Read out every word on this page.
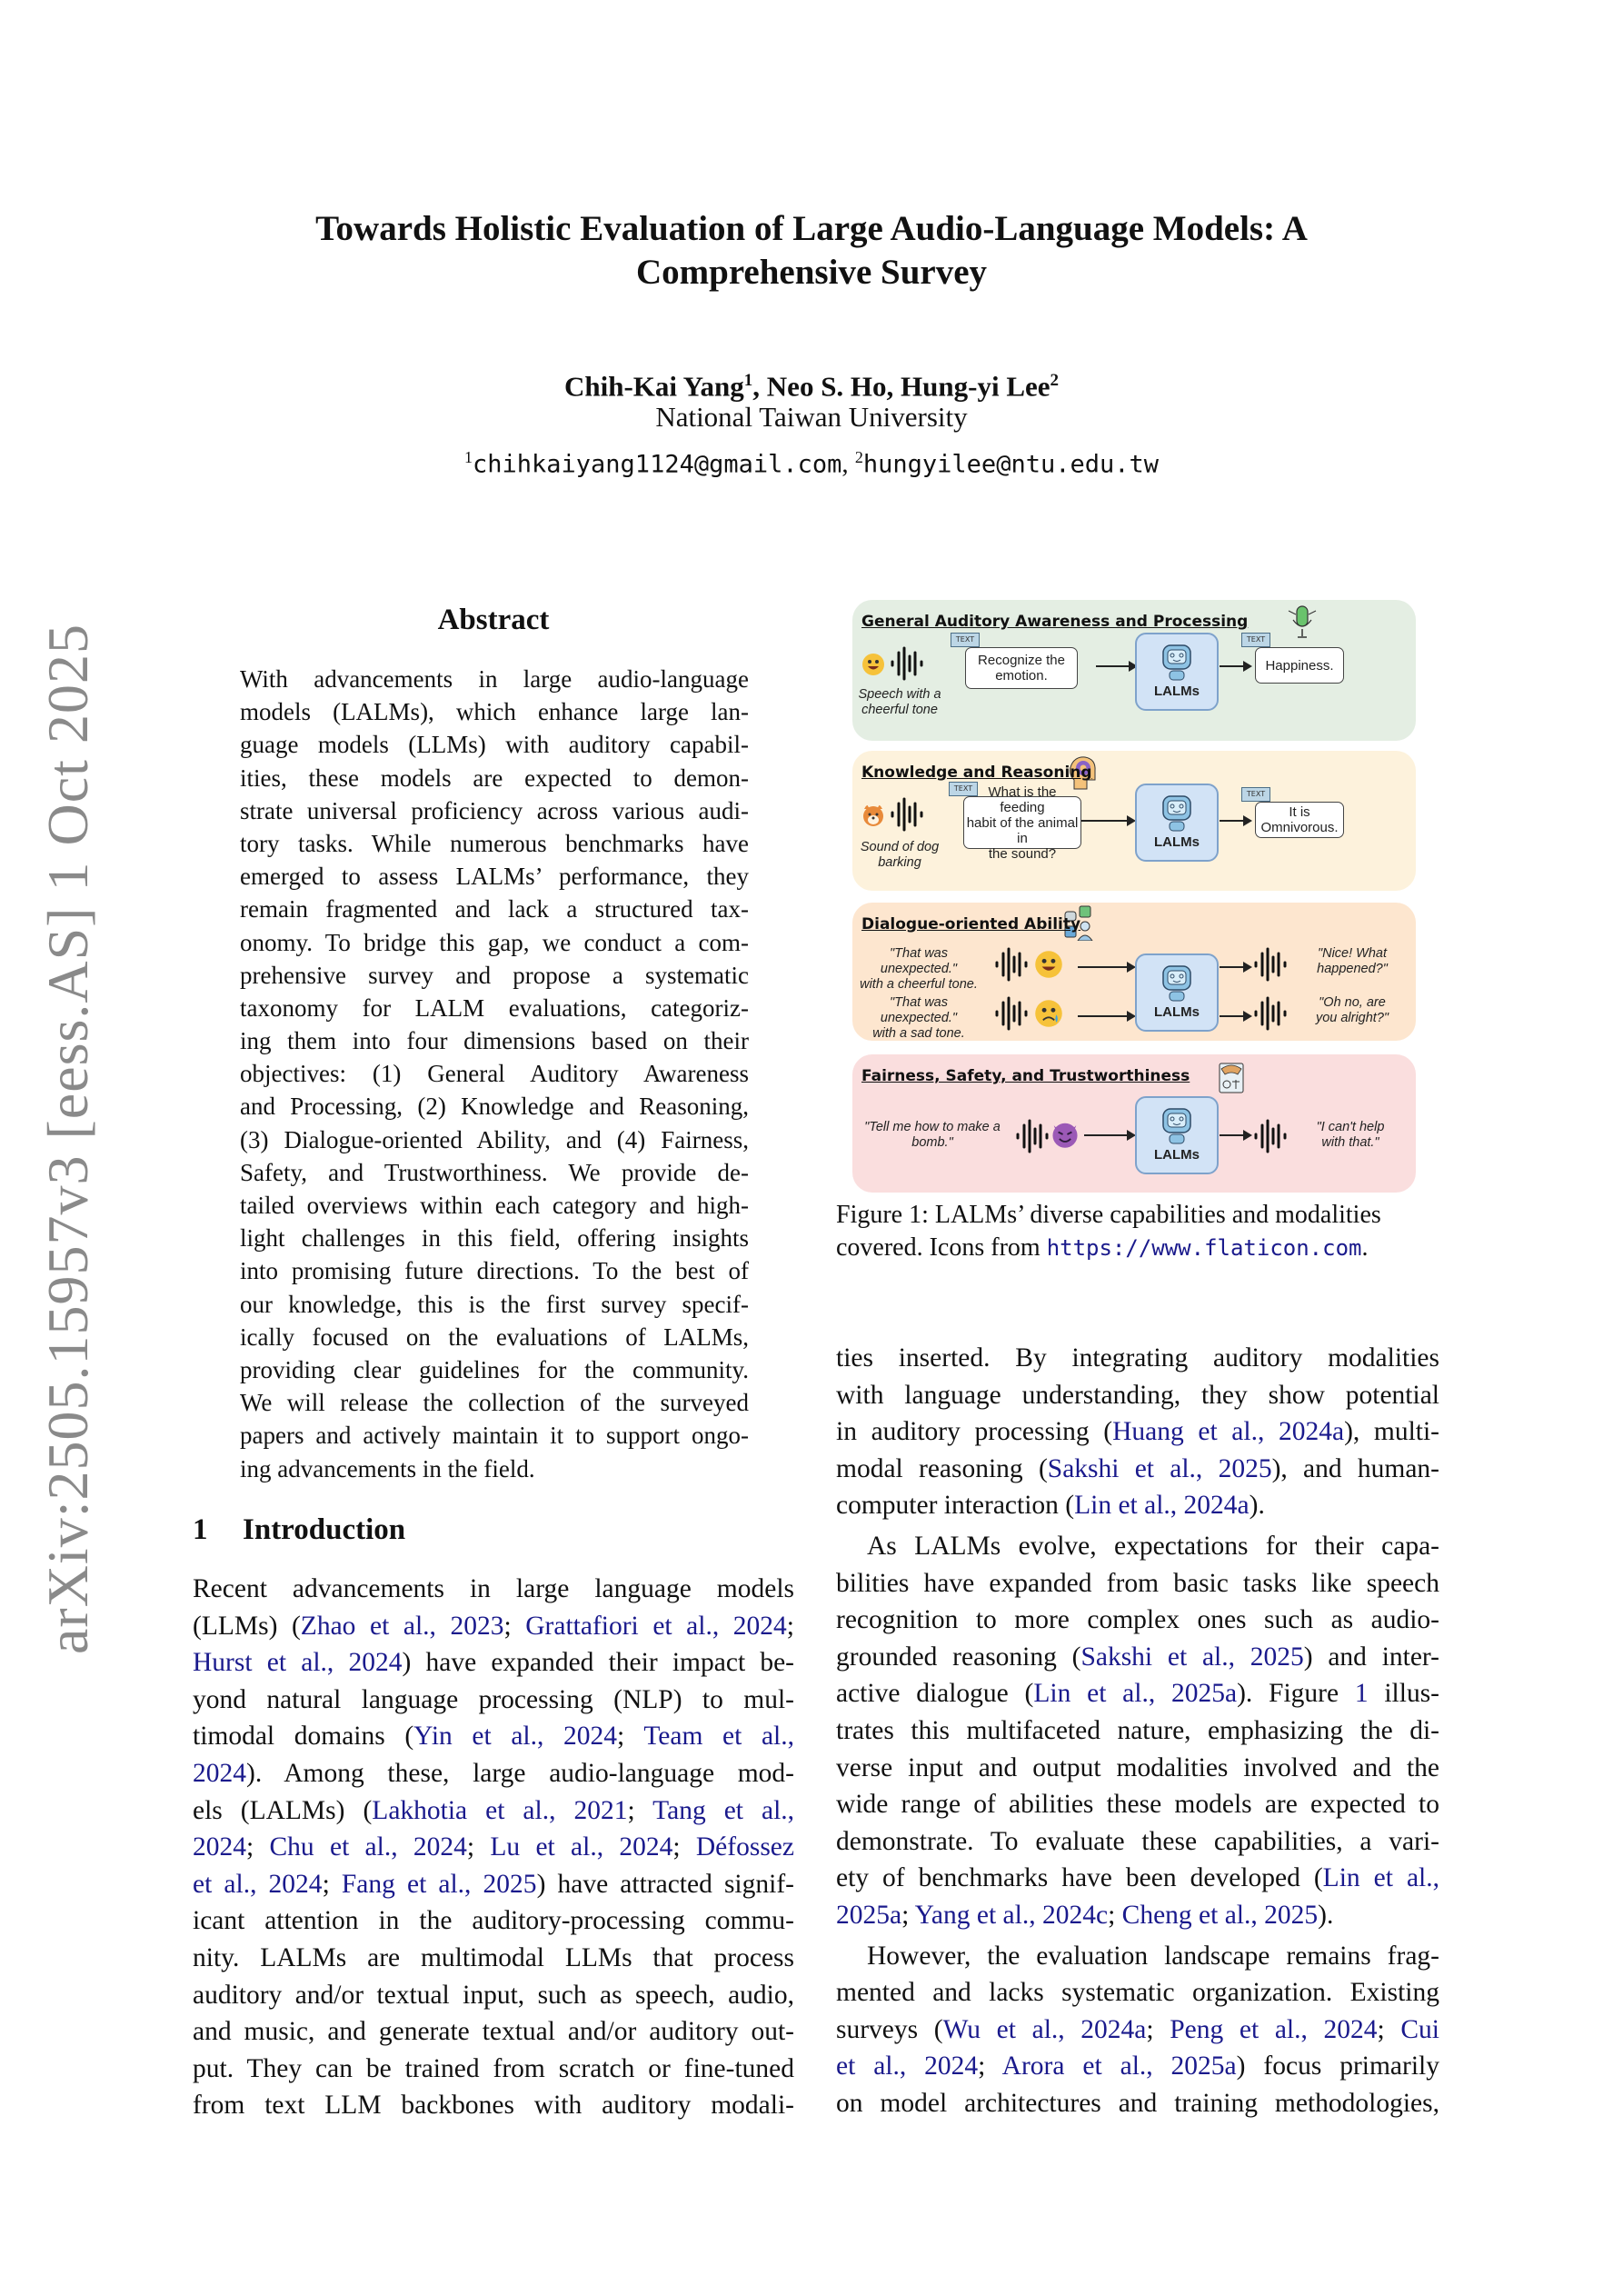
arXiv:2505.15957v3 [eess.AS] 1 Oct 2025
Towards Holistic Evaluation of Large Audio-Language Models: A
Comprehensive Survey
Chih-Kai Yang$^1$, Neo S. Ho, Hung-yi Lee$^2$
National Taiwan University
$^1$chihkaiyang1124@gmail.com, $^2$hungyilee@ntu.edu.tw
Abstract
With advancements in large audio-language
models (LALMs), which enhance large lan-
guage models (LLMs) with auditory capabil-
ities, these models are expected to demon-
strate universal proficiency across various audi-
tory tasks. While numerous benchmarks have
emerged to assess LALMs’ performance, they
remain fragmented and lack a structured tax-
onomy. To bridge this gap, we conduct a com-
prehensive survey and propose a systematic
taxonomy for LALM evaluations, categoriz-
ing them into four dimensions based on their
objectives: (1) General Auditory Awareness
and Processing, (2) Knowledge and Reasoning,
(3) Dialogue-oriented Ability, and (4) Fairness,
Safety, and Trustworthiness. We provide de-
tailed overviews within each category and high-
light challenges in this field, offering insights
into promising future directions. To the best of
our knowledge, this is the first survey specif-
ically focused on the evaluations of LALMs,
providing clear guidelines for the community.
We will release the collection of the surveyed
papers and actively maintain it to support ongo-
ing advancements in the field.
1 Introduction
Recent advancements in large language models
(LLMs) (Zhao et al., 2023; Grattafiori et al., 2024;
Hurst et al., 2024) have expanded their impact be-
yond natural language processing (NLP) to mul-
timodal domains (Yin et al., 2024; Team et al.,
2024). Among these, large audio-language mod-
els (LALMs) (Lakhotia et al., 2021; Tang et al.,
2024; Chu et al., 2024; Lu et al., 2024; Défossez
et al., 2024; Fang et al., 2025) have attracted signif-
icant attention in the auditory-processing commu-
nity. LALMs are multimodal LLMs that process
auditory and/or textual input, such as speech, audio,
and music, and generate textual and/or auditory out-
put. They can be trained from scratch or fine-tuned
from text LLM backbones with auditory modali-
ties inserted. By integrating auditory modalities
with language understanding, they show potential
in auditory processing (Huang et al., 2024a), multi-
modal reasoning (Sakshi et al., 2025), and human-
computer interaction (Lin et al., 2024a).
As LALMs evolve, expectations for their capa-
bilities have expanded from basic tasks like speech
recognition to more complex ones such as audio-
grounded reasoning (Sakshi et al., 2025) and inter-
active dialogue (Lin et al., 2025a). Figure 1 illus-
trates this multifaceted nature, emphasizing the di-
verse input and output modalities involved and the
wide range of abilities these models are expected to
demonstrate. To evaluate these capabilities, a vari-
ety of benchmarks have been developed (Lin et al.,
2025a; Yang et al., 2024c; Cheng et al., 2025).
However, the evaluation landscape remains frag-
mented and lacks systematic organization. Existing
surveys (Wu et al., 2024a; Peng et al., 2024; Cui
et al., 2024; Arora et al., 2025a) focus primarily
on model architectures and training methodologies,
General Auditory Awareness and Processing
Speech with a
cheerful tone
TEXT
Recognize the
emotion.
LALMs
TEXT
Happiness.
Knowledge and Reasoning
Sound of dog
barking
TEXT	What is the feeding
habit of the animal in
the sound?
LALMs
TEXT
It is
Omnivorous.
Dialogue-oriented Ability
"That was unexpected."
with a cheerful tone.
"That was unexpected."
with a sad tone.
LALMs
"Nice! What
happened?"
"Oh no, are
you alright?"
Fairness, Safety, and Trustworthiness
"Tell me how to make a
bomb."
LALMs
"I can't help
with that."
Figure 1: LALMs’ diverse capabilities and modalities
covered. Icons from https://www.flaticon.com.
